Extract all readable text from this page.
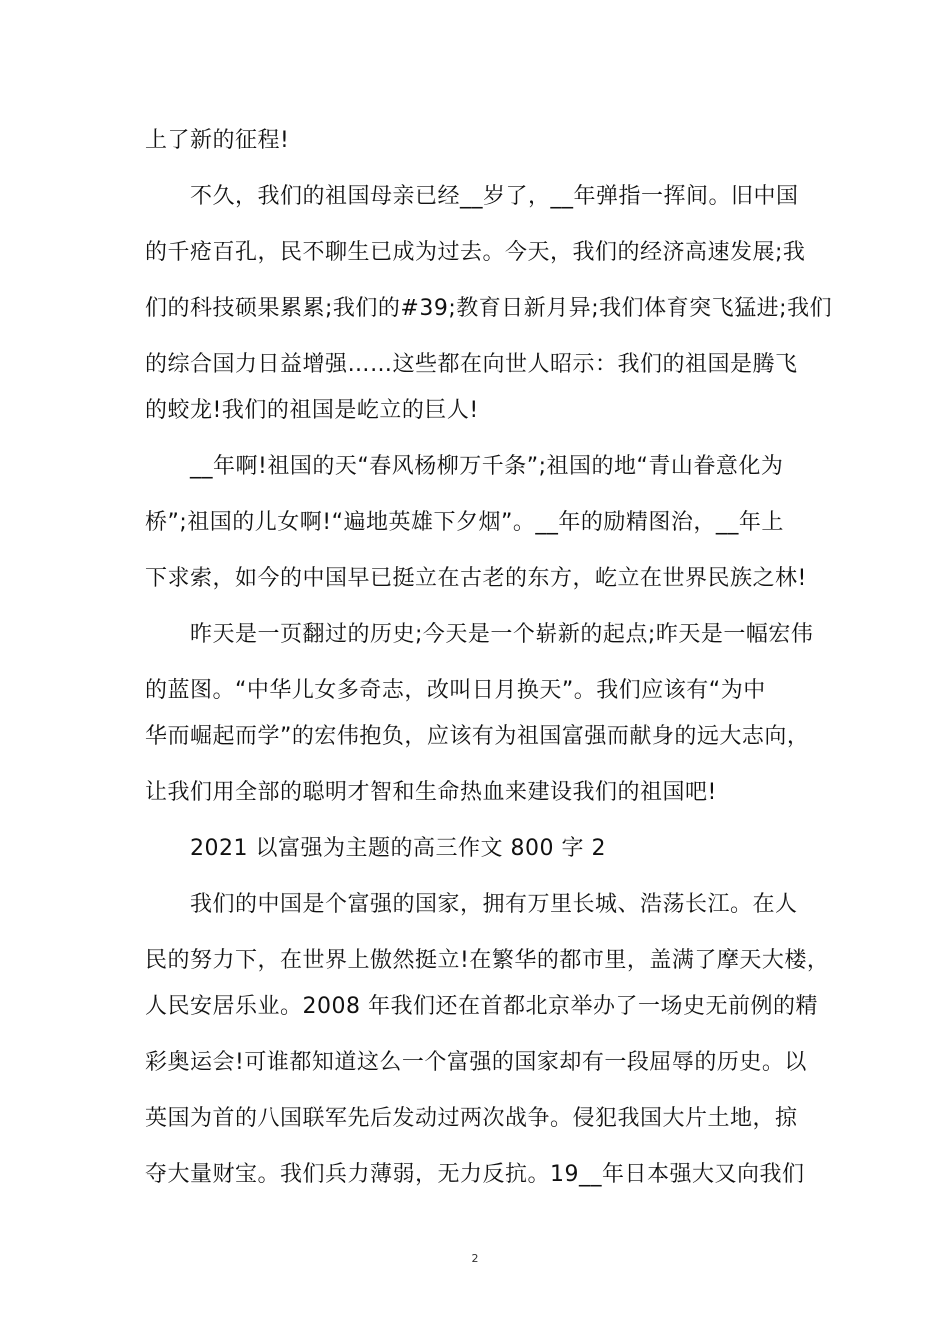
上了新的征程!
不久，我们的祖国母亲已经__岁了，__年弹指一挥间。旧中国
的千疮百孔，民不聊生已成为过去。今天，我们的经济高速发展;我
们的科技硕果累累;我们的#39;教育日新月异;我们体育突飞猛进;我们
的综合国力日益增强……这些都在向世人昭示：我们的祖国是腾飞
的蛟龙!我们的祖国是屹立的巨人!
__年啊!祖国的天“春风杨柳万千条”;祖国的地“青山眷意化为
桥”;祖国的儿女啊!“遍地英雄下夕烟”。__年的励精图治，__年上
下求索，如今的中国早已挺立在古老的东方，屹立在世界民族之林!
昨天是一页翻过的历史;今天是一个崭新的起点;昨天是一幅宏伟
的蓝图。“中华儿女多奇志，改叫日月换天”。我们应该有“为中
华而崛起而学”的宏伟抱负，应该有为祖国富强而献身的远大志向，
让我们用全部的聪明才智和生命热血来建设我们的祖国吧!
2021 以富强为主题的高三作文 800 字 2
我们的中国是个富强的国家，拥有万里长城、浩荡长江。在人
民的努力下，在世界上傲然挺立!在繁华的都市里，盖满了摩天大楼，
人民安居乐业。2008 年我们还在首都北京举办了一场史无前例的精
彩奥运会!可谁都知道这么一个富强的国家却有一段屈辱的历史。以
英国为首的八国联军先后发动过两次战争。侵犯我国大片土地，掠
夺大量财宝。我们兵力薄弱，无力反抗。19__年日本强大又向我们
2
